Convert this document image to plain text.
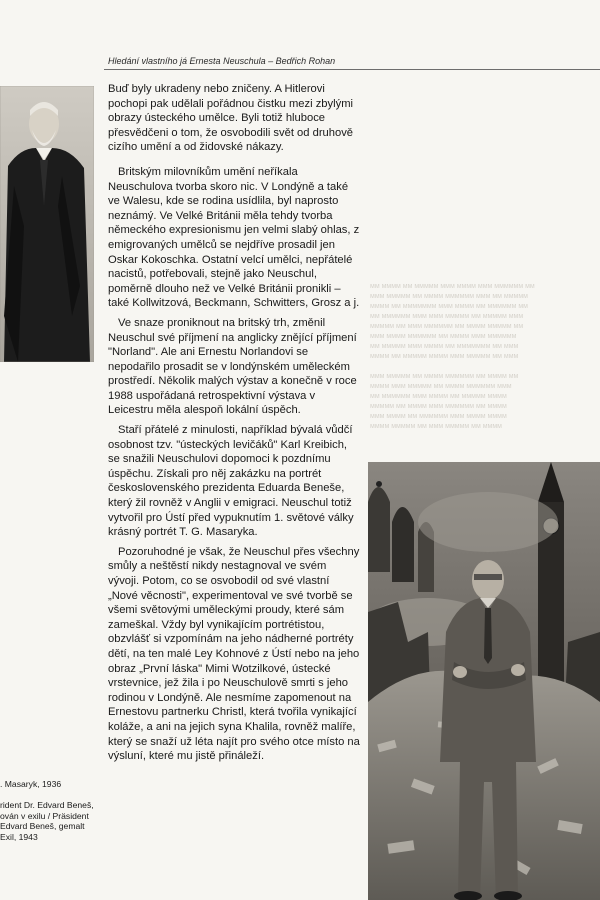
Hledání vlastního já Ernesta Neuschula – Bedřich Rohan

Buď byly ukradeny nebo zničeny. A Hitlerovi pochopi pak udělali pořádnou čistku mezi zbylými obrazy ústeckého umělce. Byli totiž hluboce přesvědčeni o tom, že osvobodili svět od druhově cizího umění a od židovské nákazy.

Britským milovníkům umění neříkala Neuschulova tvorba skoro nic. V Londýně a také ve Walesu, kde se rodina usídlila, byl naprosto neznámý. Ve Velké Británii měla tehdy tvorba německého expresionismu jen velmi slabý ohlas, z emigrovaných umělců se nejdříve prosadil jen Oskar Kokoschka. Ostatní velcí umělci, nepřátelé nacistů, potřebovali, stejně jako Neuschul, poměrně dlouho než ve Velké Británii pronikli – také Kollwitzová, Beckmann, Schwitters, Grosz a j.

Ve snaze proniknout na britský trh, změnil Neuschul své příjmení na anglicky znějící příjmení "Norland". Ale ani Ernestu Norlandovi se nepodařilo prosadit se v londýnském uměleckém prostředí. Několik malých výstav a konečně v roce 1988 uspořádaná retrospektivní výstava v Leicestru měla alespoň lokální úspěch.

Staří přátelé z minulosti, například bývalá vůdčí osobnost tzv. "ústeckých levičáků" Karl Kreibich, se snažili Neuschulovi dopomoci k pozdnímu úspěchu. Získali pro něj zakázku na portrét československého prezidenta Eduarda Beneše, který žil rovněž v Anglii v emigraci. Neuschul totiž vytvořil pro Ústí před vypuknutím 1. světové války krásný portrét T. G. Masaryka.

Pozoruhodné je však, že Neuschul přes všechny smůly a neštěstí nikdy nestagnoval ve svém vývoji. Potom, co se osvobodil od své vlastní „Nové věcnosti", experimentoval ve své tvorbě se všemi světovými uměleckými proudy, které sám zameškal. Vždy byl vynikajícím portrétistou, obzvlášť si vzpomínám na jeho nádherné portréty dětí, na ten malé Ley Kohnové z Ústí nebo na jeho obraz „První láska" Mimi Wotzilkové, ústecké vrstevnice, jež žila i po Neuschulově smrti s jeho rodinou v Londýně. Ale nesmíme zapomenout na Ernestovu partnerku Christl, která tvořila vynikající koláže, a ani na jejich syna Khalila, rovněž malíře, který se snaží už léta najít pro svého otce místo na výsluní, které mu jistě přináleží.

ᴍᴍ ᴍᴍᴍᴍ ᴍᴍ ᴍᴍᴍᴍᴍ ᴍᴍᴍ ᴍᴍᴍᴍ ᴍᴍᴍ ᴍᴍᴍᴍᴍᴍ ᴍᴍ
ᴍᴍᴍ ᴍᴍᴍᴍᴍ ᴍᴍ ᴍᴍᴍᴍ ᴍᴍᴍᴍᴍᴍ ᴍᴍᴍ ᴍᴍ ᴍᴍᴍᴍᴍ
ᴍᴍᴍᴍ ᴍᴍ ᴍᴍᴍᴍᴍᴍᴍ ᴍᴍᴍ ᴍᴍᴍᴍ ᴍᴍ ᴍᴍᴍᴍᴍᴍ ᴍᴍ
ᴍᴍ ᴍᴍᴍᴍᴍᴍ ᴍᴍᴍ ᴍᴍᴍ ᴍᴍᴍᴍᴍ ᴍᴍ ᴍᴍᴍᴍᴍ ᴍᴍᴍ
ᴍᴍᴍᴍᴍ ᴍᴍ ᴍᴍᴍ ᴍᴍᴍᴍᴍᴍ ᴍᴍ ᴍᴍᴍᴍ ᴍᴍᴍᴍᴍ ᴍᴍ
ᴍᴍᴍ ᴍᴍᴍᴍ ᴍᴍᴍᴍᴍᴍ ᴍᴍ ᴍᴍᴍᴍ ᴍᴍᴍ ᴍᴍᴍᴍᴍᴍ
ᴍᴍ ᴍᴍᴍᴍᴍ ᴍᴍᴍ ᴍᴍᴍᴍ ᴍᴍ ᴍᴍᴍᴍᴍᴍᴍ ᴍᴍ ᴍᴍᴍ
ᴍᴍᴍᴍ ᴍᴍ ᴍᴍᴍᴍᴍ ᴍᴍᴍᴍ ᴍᴍᴍ ᴍᴍᴍᴍᴍ ᴍᴍ ᴍᴍᴍ
ᴍᴍᴍ ᴍᴍᴍᴍᴍ ᴍᴍ ᴍᴍᴍᴍ ᴍᴍᴍᴍᴍᴍ ᴍᴍ ᴍᴍᴍᴍ ᴍᴍ
ᴍᴍᴍᴍ ᴍᴍᴍ ᴍᴍᴍᴍᴍ ᴍᴍ ᴍᴍᴍᴍ ᴍᴍᴍᴍᴍᴍ ᴍᴍᴍ
ᴍᴍ ᴍᴍᴍᴍᴍᴍ ᴍᴍᴍ ᴍᴍᴍᴍ ᴍᴍ ᴍᴍᴍᴍᴍ ᴍᴍᴍᴍ
ᴍᴍᴍᴍᴍ ᴍᴍ ᴍᴍᴍᴍ ᴍᴍᴍ ᴍᴍᴍᴍᴍᴍ ᴍᴍ ᴍᴍᴍᴍ
ᴍᴍᴍ ᴍᴍᴍᴍ ᴍᴍ ᴍᴍᴍᴍᴍᴍ ᴍᴍᴍ ᴍᴍᴍᴍ ᴍᴍᴍᴍ
ᴍᴍᴍᴍ ᴍᴍᴍᴍᴍ ᴍᴍ ᴍᴍᴍ ᴍᴍᴍᴍᴍ ᴍᴍ ᴍᴍᴍᴍ
. Masaryk, 1936
rident Dr. Edvard Beneš,
ován v exilu / Präsident
Edvard Beneš, gemalt
Exil, 1943
